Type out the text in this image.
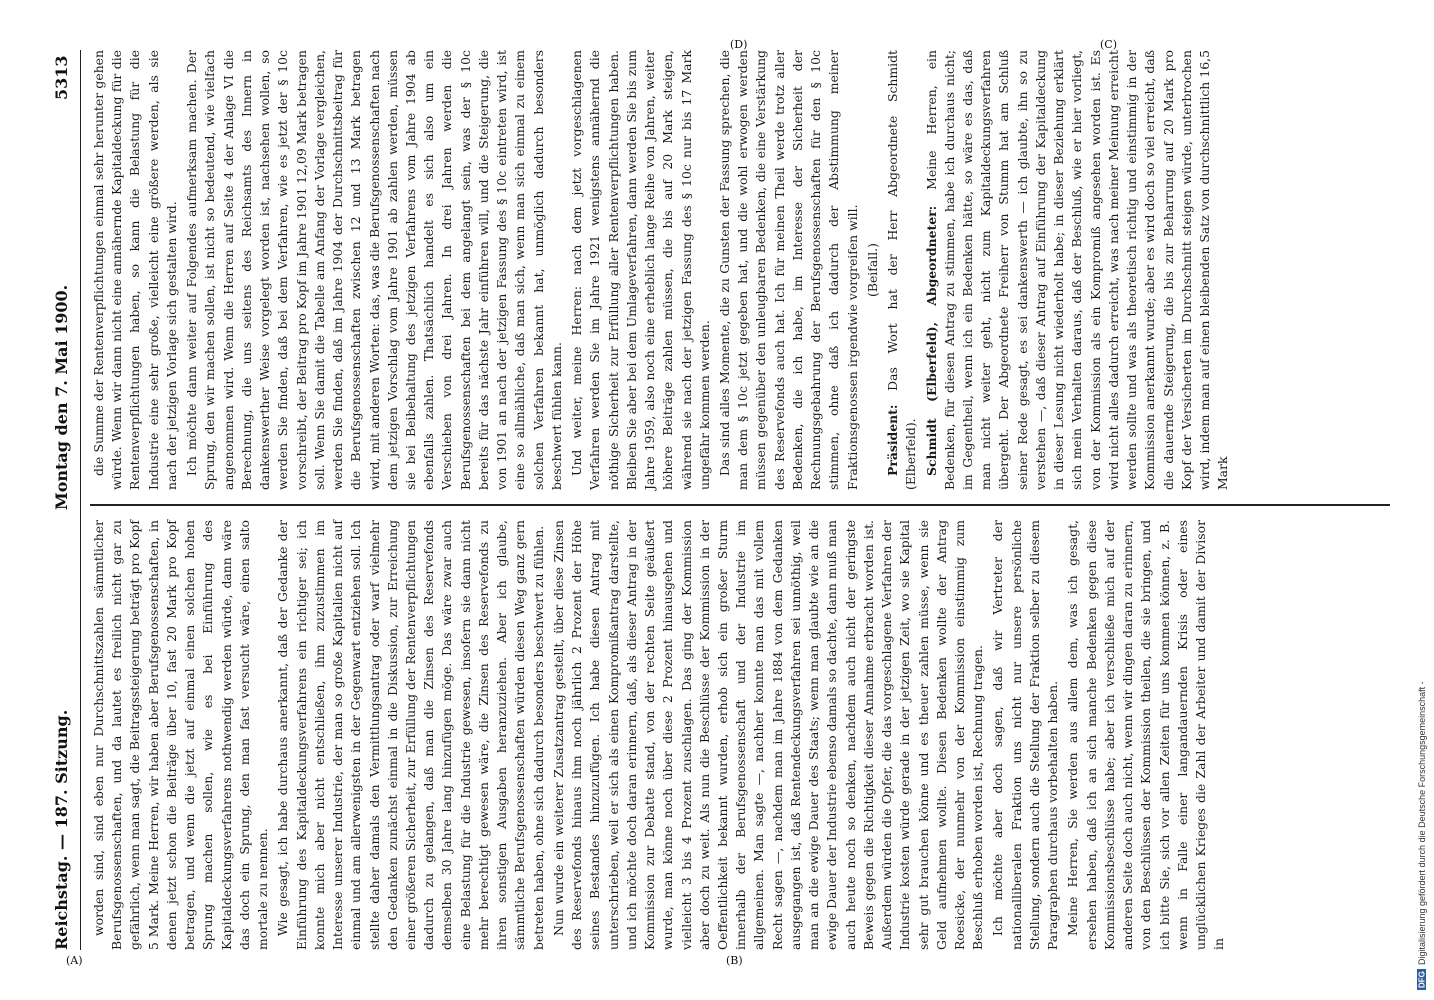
Reichstag. — 187. Sitzung.
Montag den 7. Mai 1900.

worden sind, sind eben nur Durchschnittszahlen sämmtlicher Berufsgenossenschaften, und da lautet es freilich nicht gar zu gefährlich, wenn man sagt, die Beitragssteigerung beträgt pro Kopf 5 Mark. Meine Herren, wir haben aber Berufsgenossenschaften, in denen jetzt schon die Beiträge über 10, fast 20 Mark pro Kopf betragen, und wenn die jetzt auf einmal einen solchen hohen Sprung machen sollen, wie es bei Einführung des Kapitaldeckungsverfahrens nothwendig werden würde, dann wäre das doch ein Sprung, den man fast versucht wäre, einen salto mortale zu nennen. Wie gesagt, ich habe durchaus anerkannt, daß der Gedanke der Einführung des Kapitaldeckungsverfahrens ein richtiger sei; ich konnte mich aber nicht entschließen, ihm zuzustimmen im Interesse unserer Industrie, der man so große Kapitalien nicht auf einmal und am allerwenigsten in der Gegenwart entziehen soll. Ich stellte daher damals den Vermittlungsantrag oder warf vielmehr den Gedanken zunächst einmal in die Diskussion, zur Erreichung einer größeren Sicherheit, zur Erfüllung der Rentenverpflichtungen dadurch zu gelangen, daß man die Zinsen des Reservefonds demselben 30 Jahre lang hinzufügen möge. Das wäre zwar auch eine Belastung für die Industrie gewesen, insofern sie dann nicht mehr berechtigt gewesen wäre, die Zinsen des Reservefonds zu ihren sonstigen Ausgaben heranzuziehen. Aber ich glaube, sämmtliche Berufsgenossenschaften würden diesen Weg ganz gern betreten haben, ohne sich dadurch besonders beschwert zu fühlen. Nun wurde ein weiterer Zusatzantrag gestellt, über diese Zinsen des Reservefonds hinaus ihm noch jährlich 2 Prozent der Höhe seines Bestandes hinzuzufügen. Ich habe diesen Antrag mit unterschrieben, weil er sich als einen Kompromißantrag darstellte, und ich möchte doch daran erinnern, daß, als dieser Antrag in der Kommission zur Debatte stand, von der rechten Seite geäußert wurde, man könne noch über diese 2 Prozent hinausgehen und vielleicht 3 bis 4 Prozent zuschlagen. Das ging der Kommission aber doch zu weit. Als nun die Beschlüsse der Kommission in der Oeffentlichkeit bekannt wurden, erhob sich ein großer Sturm innerhalb der Berufsgenossenschaft und der Industrie im allgemeinen. Man sagte —, nachher konnte man das mit vollem Recht sagen —, nachdem man im Jahre 1884 von dem Gedanken ausgegangen ist, daß Rentendeckungsverfahren sei unnöthig, weil man an die ewige Dauer des Staats; wenn man glaubte wie an die ewige Dauer der Industrie ebenso damals so dachte, dann muß man auch heute noch so denken, nachdem auch nicht der geringste Beweis gegen die Richtigkeit dieser Annahme erbracht worden ist. Außerdem würden die Opfer, die das vorgeschlagene Verfahren der Industrie kosten würde gerade in der jetzigen Zeit, wo sie Kapital sehr gut brauchen könne und es theuer zahlen müsse, wenn sie Geld aufnehmen wollte. Diesen Bedenken wollte der Antrag Roesicke, der nunmehr von der Kommission einstimmig zum Beschluß erhoben worden ist, Rechnung tragen. Ich möchte aber doch sagen, daß wir Vertreter der nationalliberalen Fraktion uns nicht nur unsere persönliche Stellung, sondern auch die Stellung der Fraktion selber zu diesem Paragraphen durchaus vorbehalten haben. Meine Herren, Sie werden aus allem dem, was ich gesagt, ersehen haben, daß ich an sich manche Bedenken gegen diese Kommissionsbeschlüsse habe; aber ich verschließe mich auf der anderen Seite doch auch nicht, wenn wir dingen daran zu erinnern, von den Beschlüssen der Kommission theilen, die sie bringen, und ich bitte Sie, sich vor allen Zeiten für uns kommen können, z. B. wenn in Falle einer langandauernden Krisis oder eines unglücklichen Krieges die Zahl der Arbeiter und damit der Divisor in

die Summe der Rentenverpflichtungen einmal sehr herunter gehen würde. Wenn wir dann nicht eine annähernde Kapitaldeckung für die Rentenverpflichtungen haben, so kann die Belastung für die Industrie eine sehr große, vielleicht eine größere werden, als sie nach der jetzigen Vorlage sich gestalten wird. Ich möchte dann weiter auf Folgendes aufmerksam machen. Der Sprung, den wir machen sollen, ist nicht so bedeutend, wie vielfach angenommen wird. Wenn die Herren auf Seite 4 der Anlage VI die Berechnung, die uns seitens des Reichsamts des Innern in dankenswerther Weise vorgelegt worden ist, nachsehen wollen, so werden Sie finden, daß bei dem Verfahren, wie es jetzt der § 10c vorschreibt, der Beitrag pro Kopf im Jahre 1901 12,09 Mark betragen soll. Wenn Sie damit die Tabelle am Anfang der Vorlage vergleichen, werden Sie finden, daß im Jahre 1904 der Durchschnittsbeitrag für die Berufsgenossenschaften zwischen 12 und 13 Mark betragen wird, mit anderen Worten: das, was die Berufsgenossenschaften nach dem jetzigen Vorschlag vom Jahre 1901 ab zahlen werden, müssen sie bei Beibehaltung des jetzigen Verfahrens vom Jahre 1904 ab ebenfalls zahlen. Thatsächlich handelt es sich also um ein Verschieben von drei Jahren. In drei Jahren werden die Berufsgenossenschaften bei dem angelangt sein, was der § 10c bereits für das nächste Jahr einführen will, und die Steigerung, die von 1901 an nach der jetzigen Fassung des § 10c eintreten wird, ist eine so allmähliche, daß man sich, wenn man sich einmal zu einem solchen Verfahren bekannt hat, unmöglich dadurch besonders beschwert fühlen kann. Und weiter, meine Herren: nach dem jetzt vorgeschlagenen Verfahren werden Sie im Jahre 1921 wenigstens annähernd die nöthige Sicherheit zur Erfüllung aller Rentenverpflichtungen haben. Bleiben Sie aber bei dem Umlageverfahren, dann werden Sie bis zum Jahre 1959, also noch eine erheblich lange Reihe von Jahren, weiter höhere Beiträge zahlen müssen, die bis auf 20 Mark steigen, während sie nach der jetzigen Fassung des § 10c nur bis 17 Mark ungefähr kommen werden. Das sind alles Momente, die zu Gunsten der Fassung sprechen, die man dem § 10c jetzt gegeben hat, und die wohl erwogen werden müssen gegenüber den unleugbaren Bedenken, die eine Verstärkung des Reservefonds auch hat. Ich für meinen Theil werde trotz aller Bedenken, die ich habe, im Interesse der Sicherheit der Rechnungsgebahrung der Berufsgenossenschaften für den § 10c stimmen, ohne daß ich dadurch der Abstimmung meiner Fraktionsgenossen irgendwie vorgreifen will. (Beifall.)

Präsident: Das Wort hat der Herr Abgeordnete Schmidt (Elberfeld). Schmidt (Elberfeld), Abgeordneter: Meine Herren, ein Bedenken, für diesen Antrag zu stimmen, habe ich durchaus nicht; im Gegentheil, wenn ich ein Bedenken hätte, so wäre es das, daß man nicht weiter geht, nicht zum Kapitaldeckungsverfahren übergeht. Der Abgeordnete Freiherr von Stumm hat am Schluß seiner Rede gesagt, es sei dankenswerth — ich glaubte, ihn so zu verstehen —, daß dieser Antrag auf Einführung der Kapitaldeckung in dieser Lesung nicht wiederholt habe; in dieser Beziehung erklärt sich mein Verhalten daraus, daß der Beschluß, wie er hier vorliegt, von der Kommission als ein Kompromiß angesehen worden ist. Es wird nicht alles dadurch erreicht, was nach meiner Meinung erreicht werden sollte und was als theoretisch richtig und einstimmig in der Kommission anerkannt wurde; aber es wird doch so viel erreicht, daß die dauernde Steigerung, die bis zur Beharrung auf 20 Mark pro Kopf der Versicherten im Durchschnitt steigen würde, unterbrochen wird, indem man auf einen bleibenden Satz von durchschnittlich 16,5 Mark

5313
(A)	(B)
(C)
(D)
DFG
Digitalisierung gefördert durch die Deutsche Forschungsgemeinschaft -
